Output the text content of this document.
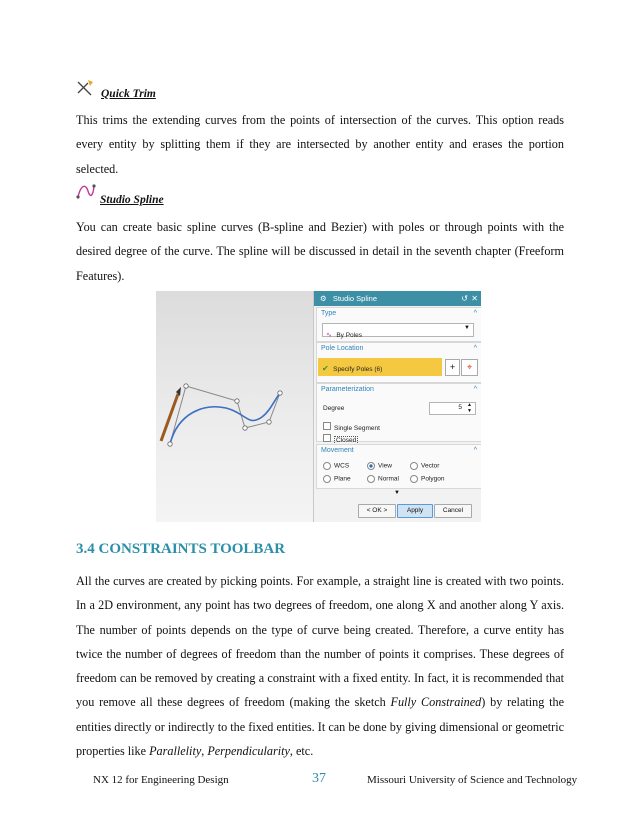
Quick Trim

This trims the extending curves from the points of intersection of the curves. This option reads every entity by splitting them if they are intersected by another entity and erases the portion selected.

Studio Spline

You can create basic spline curves (B-spline and Bezier) with poles or through points with the desired degree of the curve. The spline will be discussed in detail in the seventh chapter (Freeform Features).

⚙ Studio Spline	↺ ✕
Type	^
∿ By Poles
▼
Pole Location	^
✔ Specify Poles (6)	+	⌖
Parameterization	^
Degree	5 ▲
▼
Single Segment
Closed
Movement	^
WCS	View	Vector
Plane	Normal	Polygon
▼
< OK >	Apply	Cancel
3.4 CONSTRAINTS TOOLBAR

All the curves are created by picking points. For example, a straight line is created with two points. In a 2D environment, any point has two degrees of freedom, one along X and another along Y axis. The number of points depends on the type of curve being created. Therefore, a curve entity has twice the number of degrees of freedom than the number of points it comprises. These degrees of freedom can be removed by creating a constraint with a fixed entity. In fact, it is recommended that you remove all these degrees of freedom (making the sketch Fully Constrained) by relating the entities directly or indirectly to the fixed entities. It can be done by giving dimensional or geometric properties like Parallelity, Perpendicularity, etc.

NX 12 for Engineering Design	37	Missouri University of Science and Technology
